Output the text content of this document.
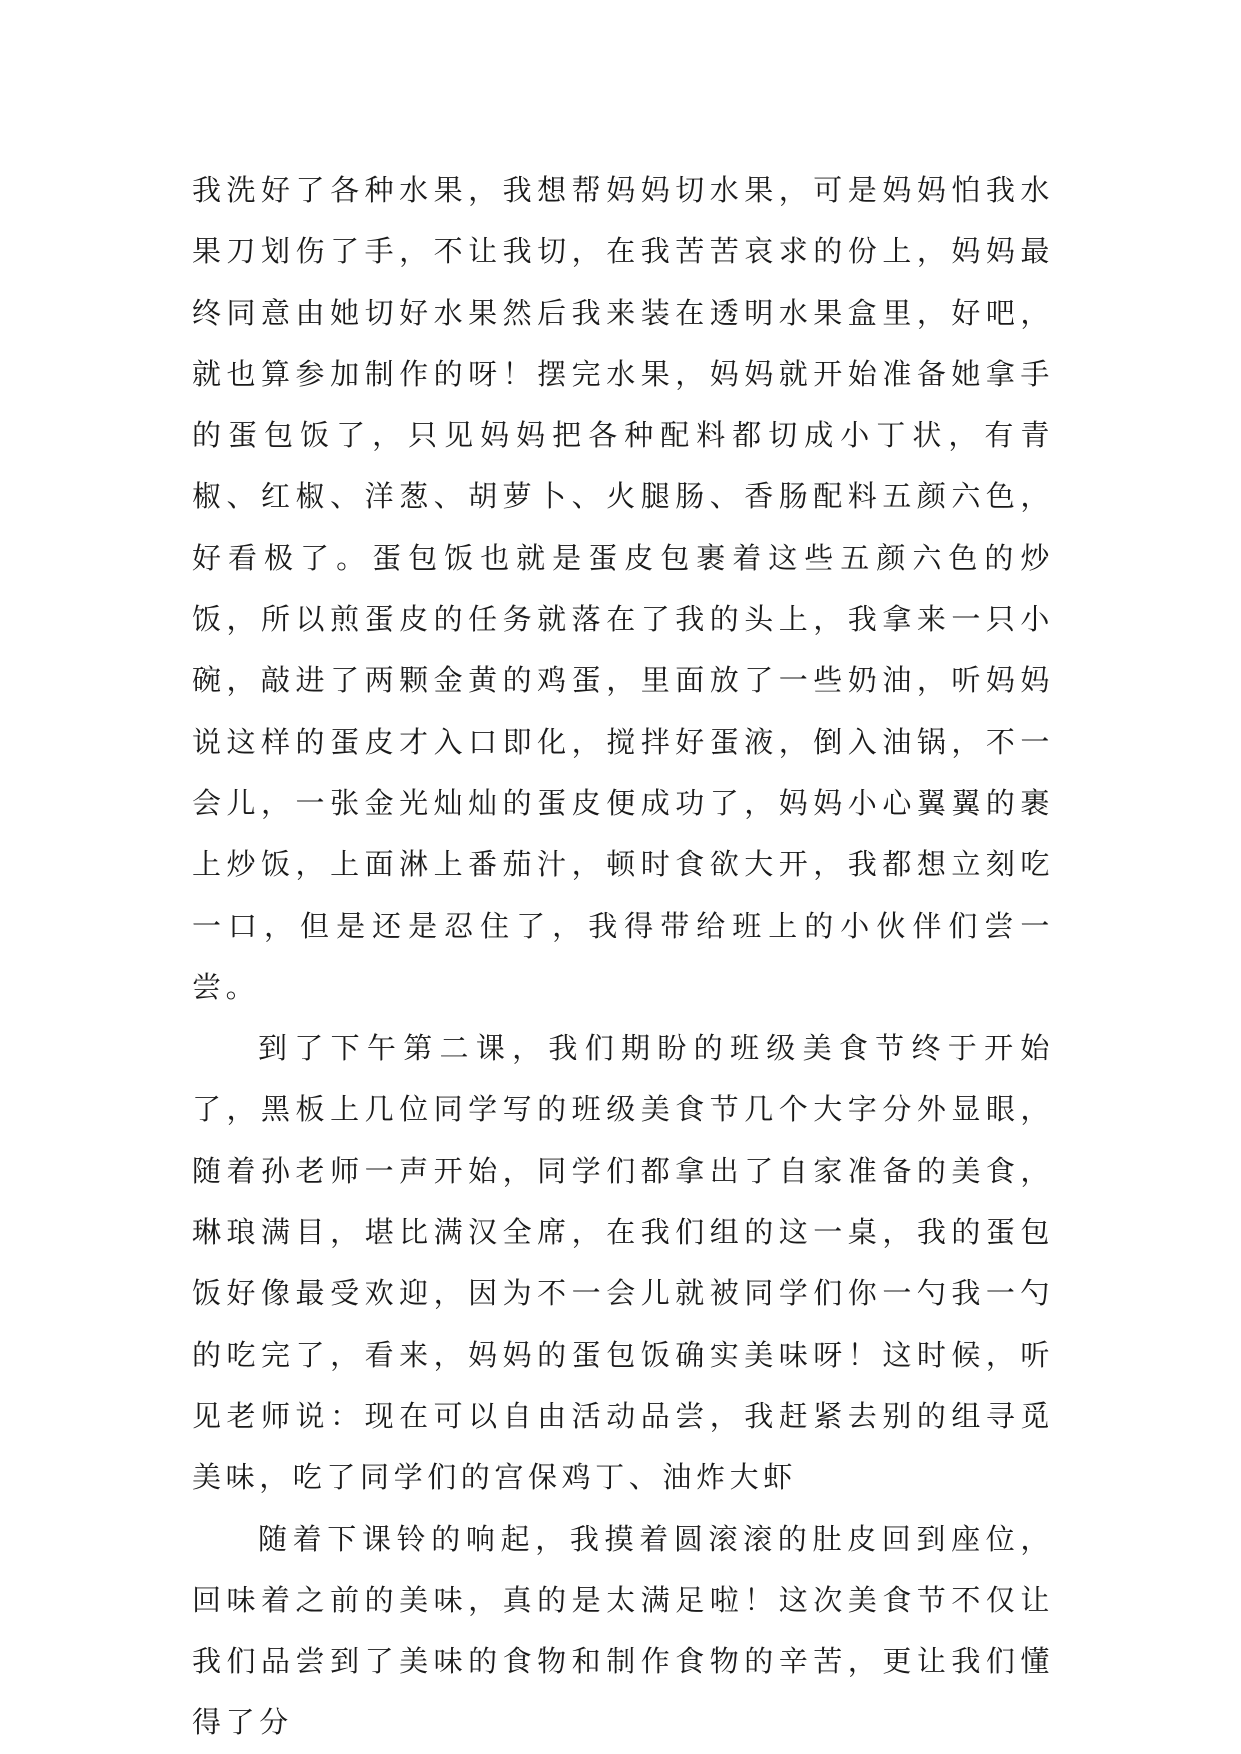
我洗好了各种水果，我想帮妈妈切水果，可是妈妈怕我水果刀划伤了手，不让我切，在我苦苦哀求的份上，妈妈最终同意由她切好水果然后我来装在透明水果盒里，好吧，就也算参加制作的呀！摆完水果，妈妈就开始准备她拿手的蛋包饭了，只见妈妈把各种配料都切成小丁状，有青椒、红椒、洋葱、胡萝卜、火腿肠、香肠配料五颜六色，好看极了。蛋包饭也就是蛋皮包裹着这些五颜六色的炒饭，所以煎蛋皮的任务就落在了我的头上，我拿来一只小碗，敲进了两颗金黄的鸡蛋，里面放了一些奶油，听妈妈说这样的蛋皮才入口即化，搅拌好蛋液，倒入油锅，不一会儿，一张金光灿灿的蛋皮便成功了，妈妈小心翼翼的裹上炒饭，上面淋上番茄汁，顿时食欲大开，我都想立刻吃一口，但是还是忍住了，我得带给班上的小伙伴们尝一尝。

到了下午第二课，我们期盼的班级美食节终于开始了，黑板上几位同学写的班级美食节几个大字分外显眼，随着孙老师一声开始，同学们都拿出了自家准备的美食，琳琅满目，堪比满汉全席，在我们组的这一桌，我的蛋包饭好像最受欢迎，因为不一会儿就被同学们你一勺我一勺的吃完了，看来，妈妈的蛋包饭确实美味呀！这时候，听见老师说：现在可以自由活动品尝，我赶紧去别的组寻觅美味，吃了同学们的宫保鸡丁、油炸大虾

随着下课铃的响起，我摸着圆滚滚的肚皮回到座位，回味着之前的美味，真的是太满足啦！这次美食节不仅让我们品尝到了美味的食物和制作食物的辛苦，更让我们懂得了分
